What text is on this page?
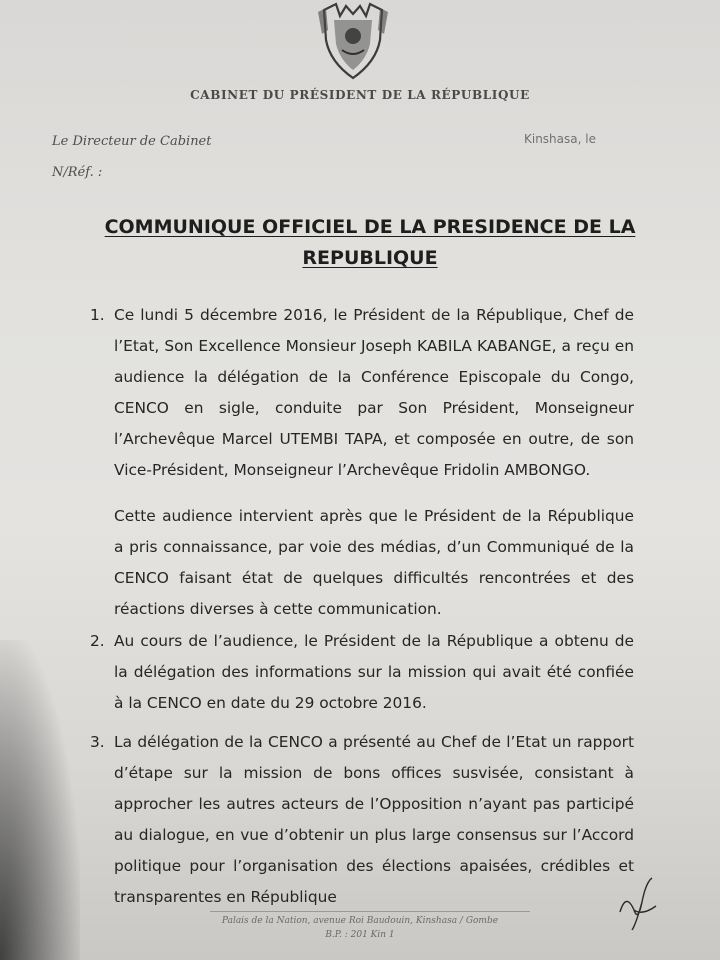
CABINET DU PRÉSIDENT DE LA RÉPUBLIQUE
Le Directeur de Cabinet	Kinshasa, le
N/Réf. :
COMMUNIQUE OFFICIEL DE LA PRESIDENCE DE LA
REPUBLIQUE
1. Ce lundi 5 décembre 2016, le Président de la République, Chef de l’Etat, Son Excellence Monsieur Joseph KABILA KABANGE, a reçu en audience la délégation de la Conférence Episcopale du Congo, CENCO en sigle, conduite par Son Président, Monseigneur l’Archevêque Marcel UTEMBI TAPA, et composée en outre, de son Vice-Président, Monseigneur l’Archevêque Fridolin AMBONGO.
Cette audience intervient après que le Président de la République a pris connaissance, par voie des médias, d’un Communiqué de la CENCO faisant état de quelques difficultés rencontrées et des réactions diverses à cette communication.
2. Au cours de l’audience, le Président de la République a obtenu de la délégation des informations sur la mission qui avait été confiée à la CENCO en date du 29 octobre 2016.
3. La délégation de la CENCO a présenté au Chef de l’Etat un rapport d’étape sur la mission de bons offices susvisée, consistant à approcher les autres acteurs de l’Opposition n’ayant pas participé au dialogue, en vue d’obtenir un plus large consensus sur l’Accord politique pour l’organisation des élections apaisées, crédibles et transparentes en République
Palais de la Nation, avenue Roi Baudouin, Kinshasa / Gombe
B.P. : 201 Kin 1
